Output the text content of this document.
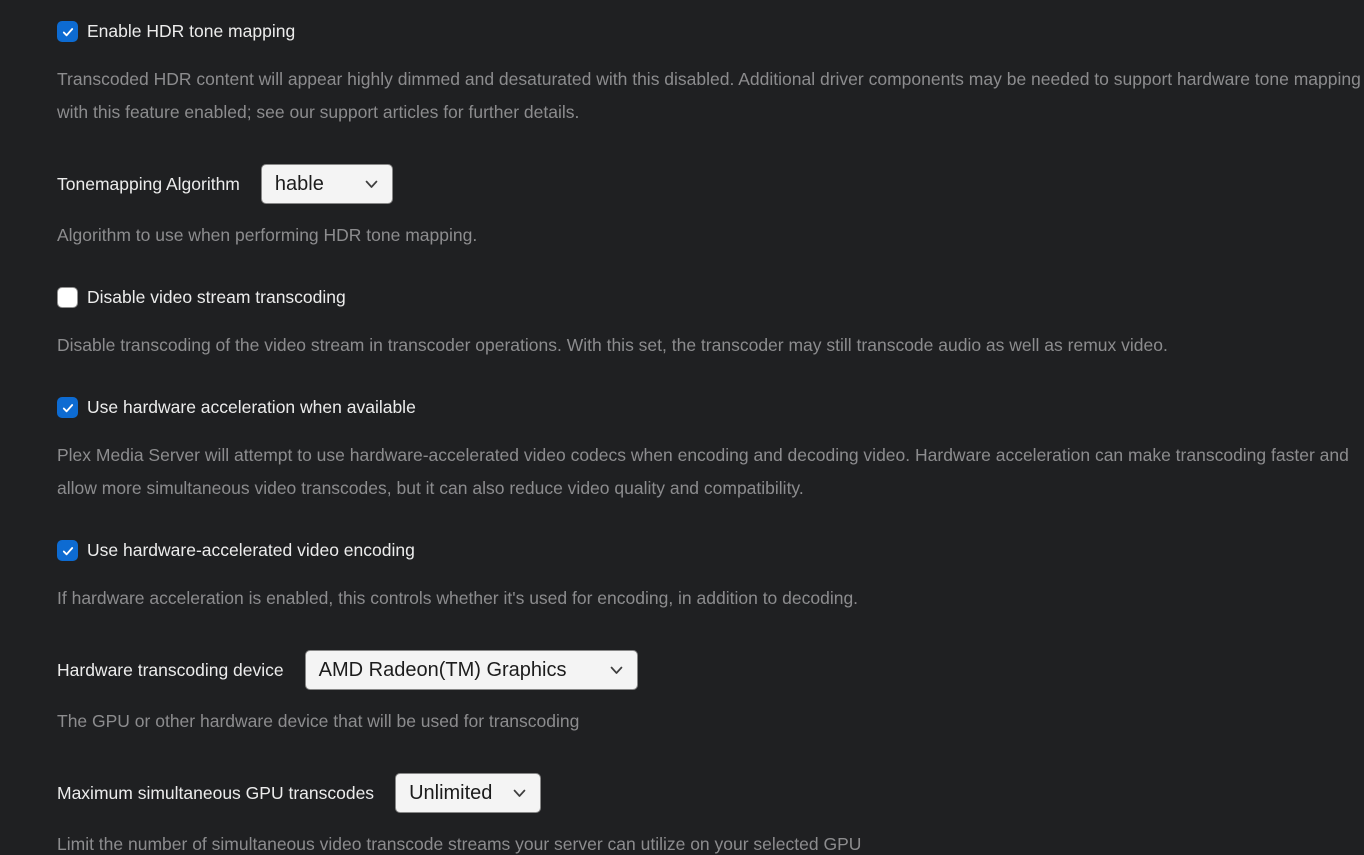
Enable HDR tone mapping
Transcoded HDR content will appear highly dimmed and desaturated with this disabled. Additional driver components may be needed to support hardware tone mapping
with this feature enabled; see our support articles for further details.
Tonemapping Algorithm hable
Algorithm to use when performing HDR tone mapping.
Disable video stream transcoding
Disable transcoding of the video stream in transcoder operations. With this set, the transcoder may still transcode audio as well as remux video.
Use hardware acceleration when available
Plex Media Server will attempt to use hardware-accelerated video codecs when encoding and decoding video. Hardware acceleration can make transcoding faster and
allow more simultaneous video transcodes, but it can also reduce video quality and compatibility.
Use hardware-accelerated video encoding
If hardware acceleration is enabled, this controls whether it's used for encoding, in addition to decoding.
Hardware transcoding device AMD Radeon(TM) Graphics
The GPU or other hardware device that will be used for transcoding
Maximum simultaneous GPU transcodes Unlimited
Limit the number of simultaneous video transcode streams your server can utilize on your selected GPU
